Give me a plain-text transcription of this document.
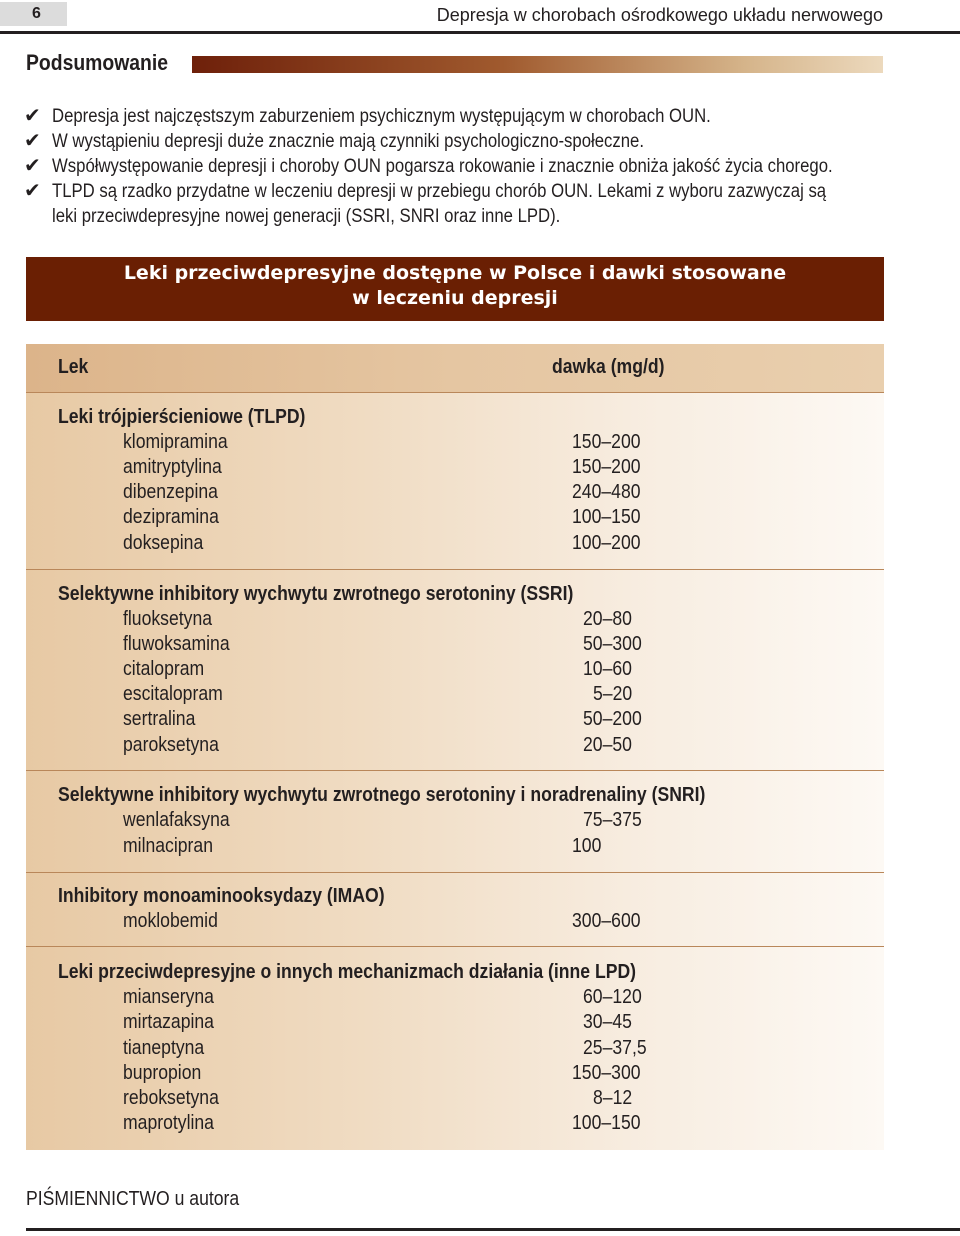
6	Depresja w chorobach ośrodkowego układu nerwowego
Podsumowanie
✔ Depresja jest najczęstszym zaburzeniem psychicznym występującym w chorobach OUN.
✔ W wystąpieniu depresji duże znacznie mają czynniki psychologiczno-społeczne.
✔ Współwystępowanie depresji i choroby OUN pogarsza rokowanie i znacznie obniża jakość życia chorego.
✔ TLPD są rzadko przydatne w leczeniu depresji w przebiegu chorób OUN. Lekami z wyboru zazwyczaj są
leki przeciwdepresyjne nowej generacji (SSRI, SNRI oraz inne LPD).
Leki przeciwdepresyjne dostępne w Polsce i dawki stosowane
w leczeniu depresji
Lek	dawka (mg/d)
Leki trójpierścieniowe (TLPD)
klomipramina	150–200
amitryptylina	150–200
dibenzepina	240–480
dezipramina	100–150
doksepina	100–200
Selektywne inhibitory wychwytu zwrotnego serotoniny (SSRI)
fluoksetyna	20–80
fluwoksamina	50–300
citalopram	10–60
escitalopram	5–20
sertralina	50–200
paroksetyna	20–50
Selektywne inhibitory wychwytu zwrotnego serotoniny i noradrenaliny (SNRI)
wenlafaksyna	75–375
milnacipran	100
Inhibitory monoaminooksydazy (IMAO)
moklobemid	300–600
Leki przeciwdepresyjne o innych mechanizmach działania (inne LPD)
mianseryna	60–120
mirtazapina	30–45
tianeptyna	25–37,5
bupropion	150–300
reboksetyna	8–12
maprotylina	100–150
PIŚMIENNICTWO u autora
